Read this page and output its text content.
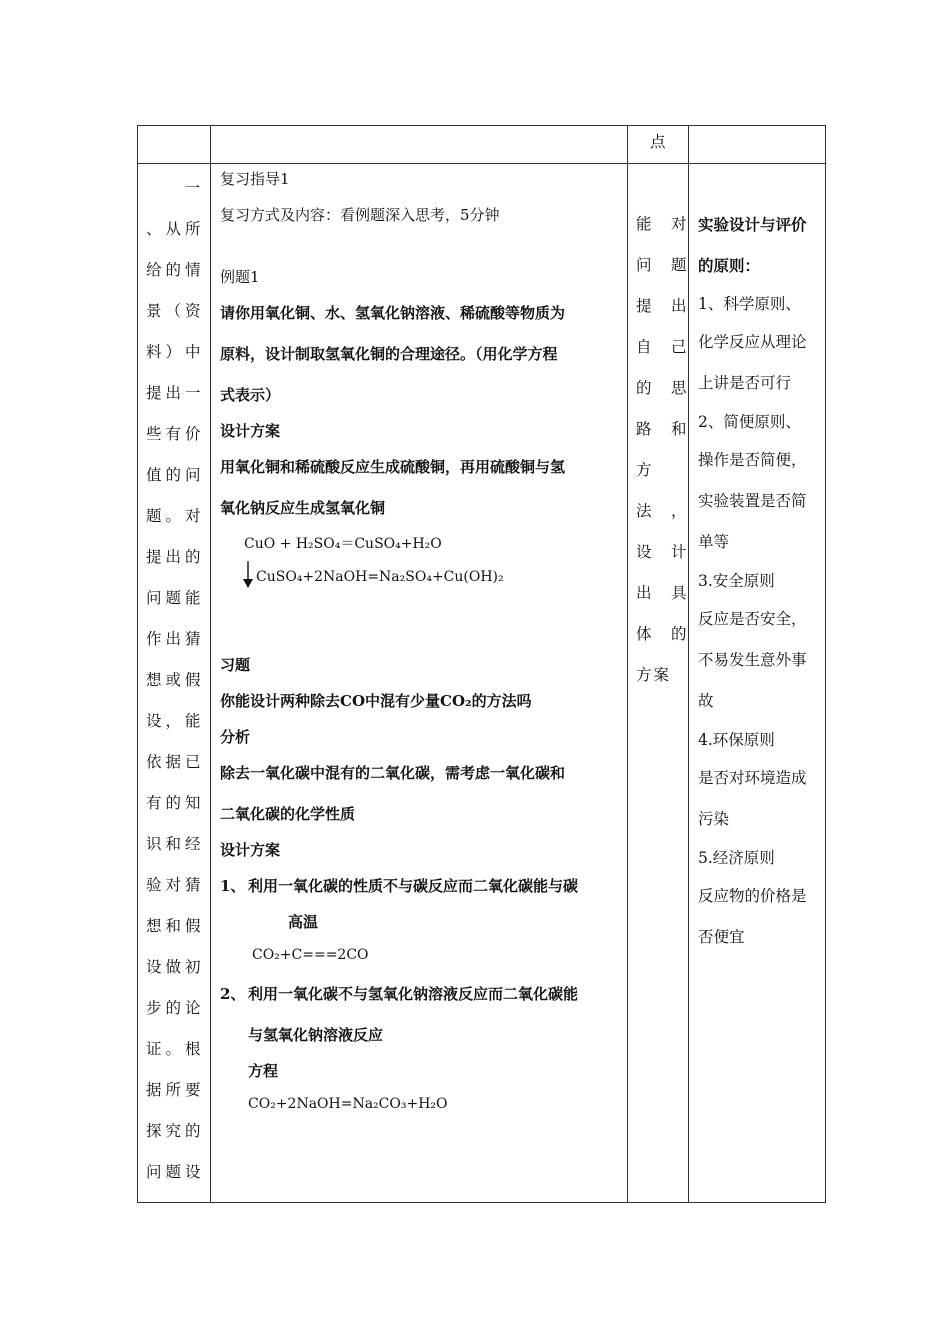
点
一
、从所
给的情
景（资
料）中
提出一
些有价
值的问
题。对
提出的
问题能
作出猜
想或假
设，能
依据已
有的知
识和经
验对猜
想和假
设做初
步的论
证。根
据所要
探究的
问题设
复习指导1
复习方式及内容：看例题深入思考，5分钟
例题1
请你用氧化铜、水、氢氧化钠溶液、稀硫酸等物质为
原料，设计制取氢氧化铜的合理途径。（用化学方程
式表示）
设计方案
用氧化铜和稀硫酸反应生成硫酸铜，再用硫酸铜与氢
氧化钠反应生成氢氧化铜
CuO + H₂SO₄＝CuSO₄+H₂O
CuSO₄+2NaOH=Na₂SO₄+Cu(OH)₂
习题
你能设计两种除去CO中混有少量CO₂的方法吗
分析
除去一氧化碳中混有的二氧化碳，需考虑一氧化碳和
二氧化碳的化学性质
设计方案
1、 利用一氧化碳的性质不与碳反应而二氧化碳能与碳
高温
CO₂+C===2CO
2、 利用一氧化碳不与氢氧化钠溶液反应而二氧化碳能
与氢氧化钠溶液反应
方程
CO₂+2NaOH=Na₂CO₃+H₂O
能　对
问　题
提　出
自　己
的　思
路　和
方
法　，
设　计
出　具
体　的
方案
实验设计与评价
的原则：
1、科学原则、
化学反应从理论
上讲是否可行
2、简便原则、
操作是否简便，
实验装置是否简
单等
3.安全原则
反应是否安全，
不易发生意外事
故
4.环保原则
是否对环境造成
污染
5.经济原则
反应物的价格是
否便宜
